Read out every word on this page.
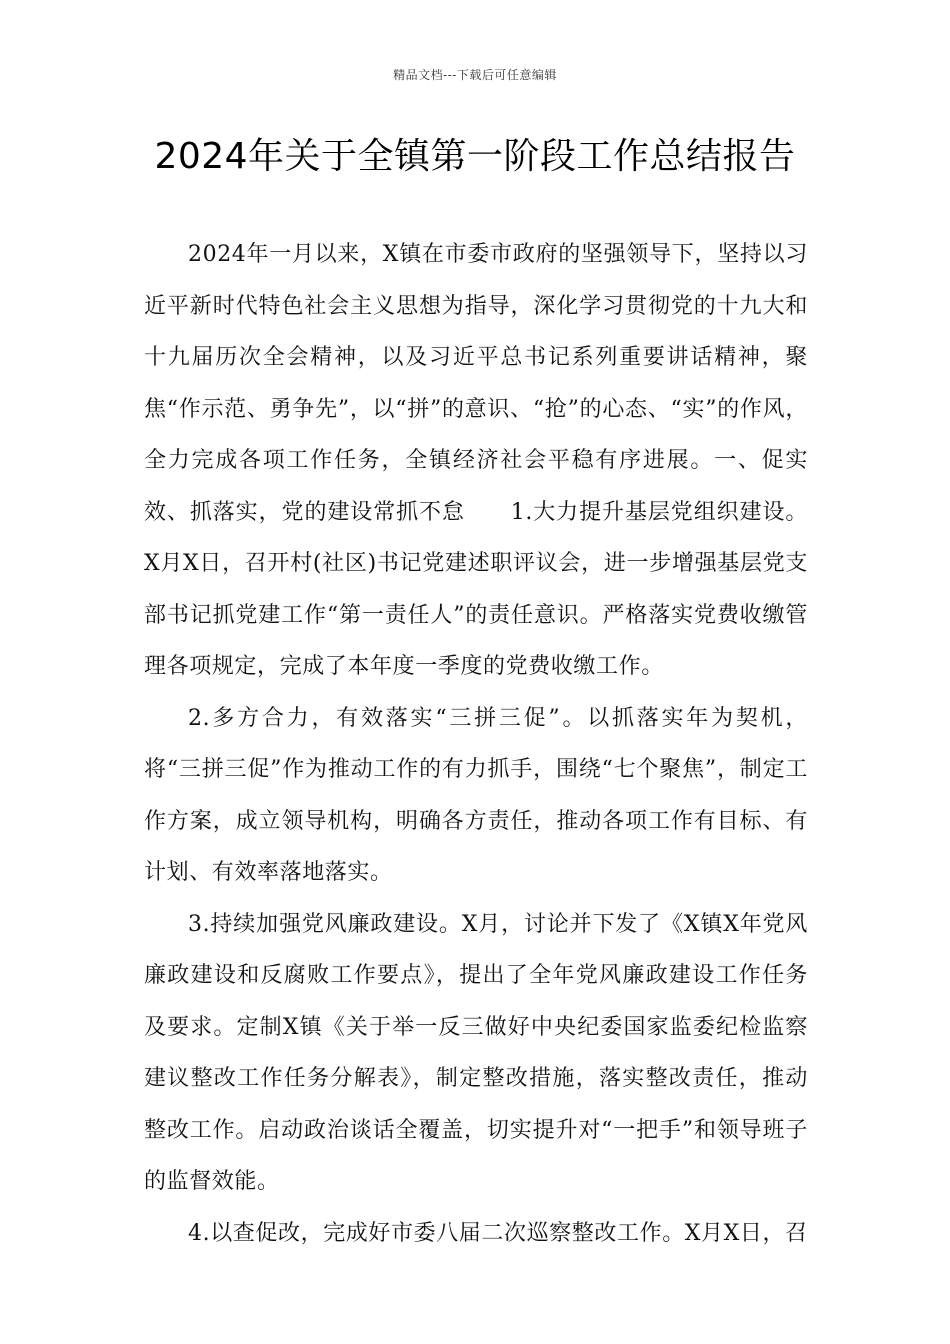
精品文档---下载后可任意编辑
2024年关于全镇第一阶段工作总结报告

2024年一月以来，X镇在市委市政府的坚强领导下，坚持以习近平新时代特色社会主义思想为指导，深化学习贯彻党的十九大和十九届历次全会精神，以及习近平总书记系列重要讲话精神，聚焦“作示范、勇争先”，以“拼”的意识、“抢”的心态、“实”的作风，全力完成各项工作任务，全镇经济社会平稳有序进展。一、促实效、抓落实，党的建设常抓不怠　　1.大力提升基层党组织建设。X月X日，召开村(社区)书记党建述职评议会，进一步增强基层党支部书记抓党建工作“第一责任人”的责任意识。严格落实党费收缴管理各项规定，完成了本年度一季度的党费收缴工作。

2.多方合力，有效落实“三拼三促”。以抓落实年为契机，将“三拼三促”作为推动工作的有力抓手，围绕“七个聚焦”，制定工作方案，成立领导机构，明确各方责任，推动各项工作有目标、有计划、有效率落地落实。

3.持续加强党风廉政建设。X月，讨论并下发了《X镇X年党风廉政建设和反腐败工作要点》，提出了全年党风廉政建设工作任务及要求。定制X镇《关于举一反三做好中央纪委国家监委纪检监察建议整改工作任务分解表》，制定整改措施，落实整改责任，推动整改工作。启动政治谈话全覆盖，切实提升对“一把手”和领导班子的监督效能。

4.以查促改，完成好市委八届二次巡察整改工作。X月X日，召
